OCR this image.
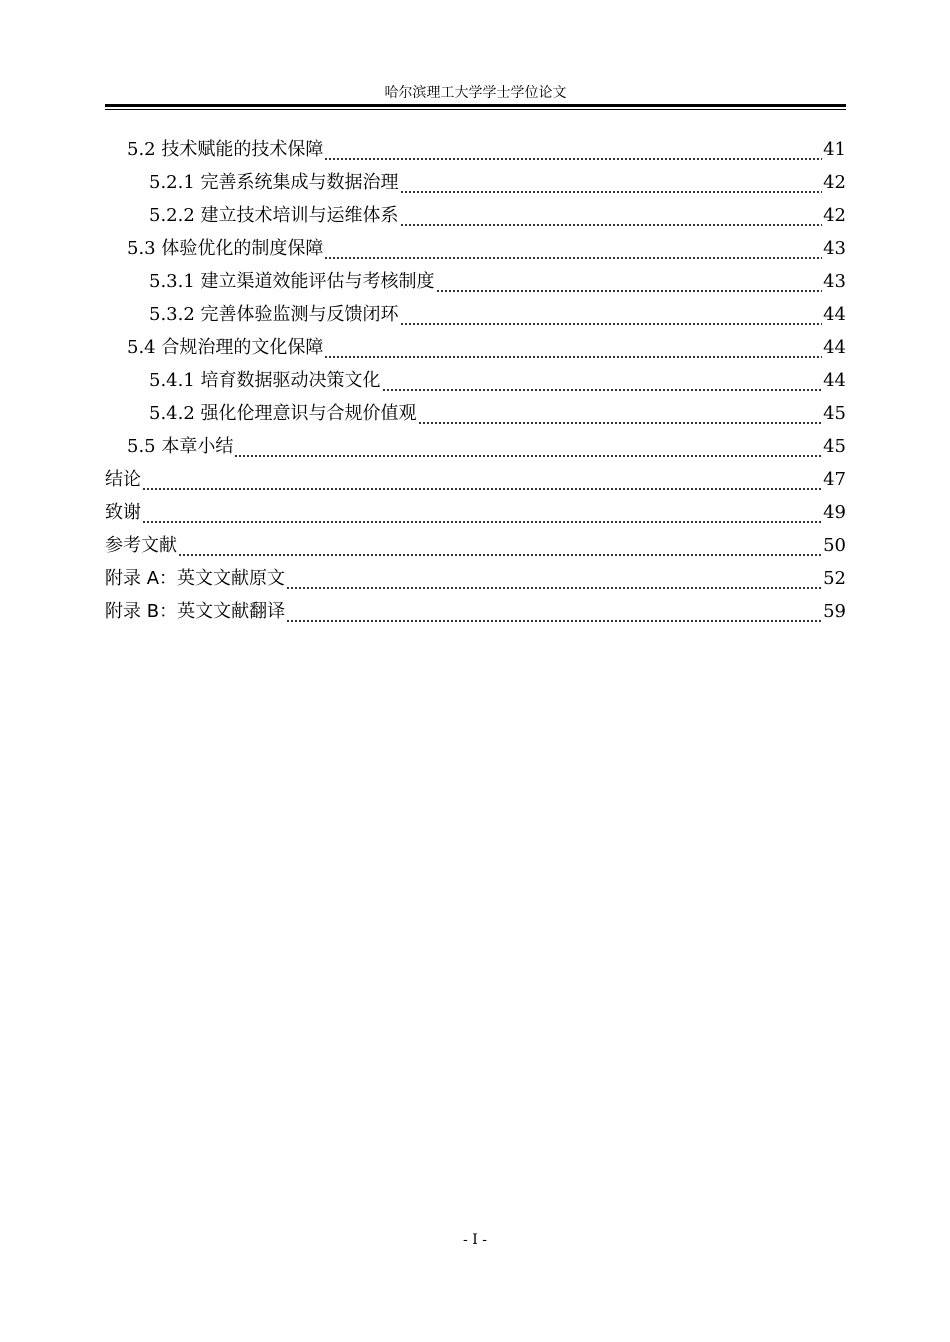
哈尔滨理工大学学士学位论文
5.2 技术赋能的技术保障	41
5.2.1 完善系统集成与数据治理	42
5.2.2 建立技术培训与运维体系	42
5.3 体验优化的制度保障	43
5.3.1 建立渠道效能评估与考核制度	43
5.3.2 完善体验监测与反馈闭环	44
5.4 合规治理的文化保障	44
5.4.1 培育数据驱动决策文化	44
5.4.2 强化伦理意识与合规价值观	45
5.5 本章小结	45
结论	47
致谢	49
参考文献	50
附录 A：英文文献原文	52
附录 B：英文文献翻译	59
- I -
